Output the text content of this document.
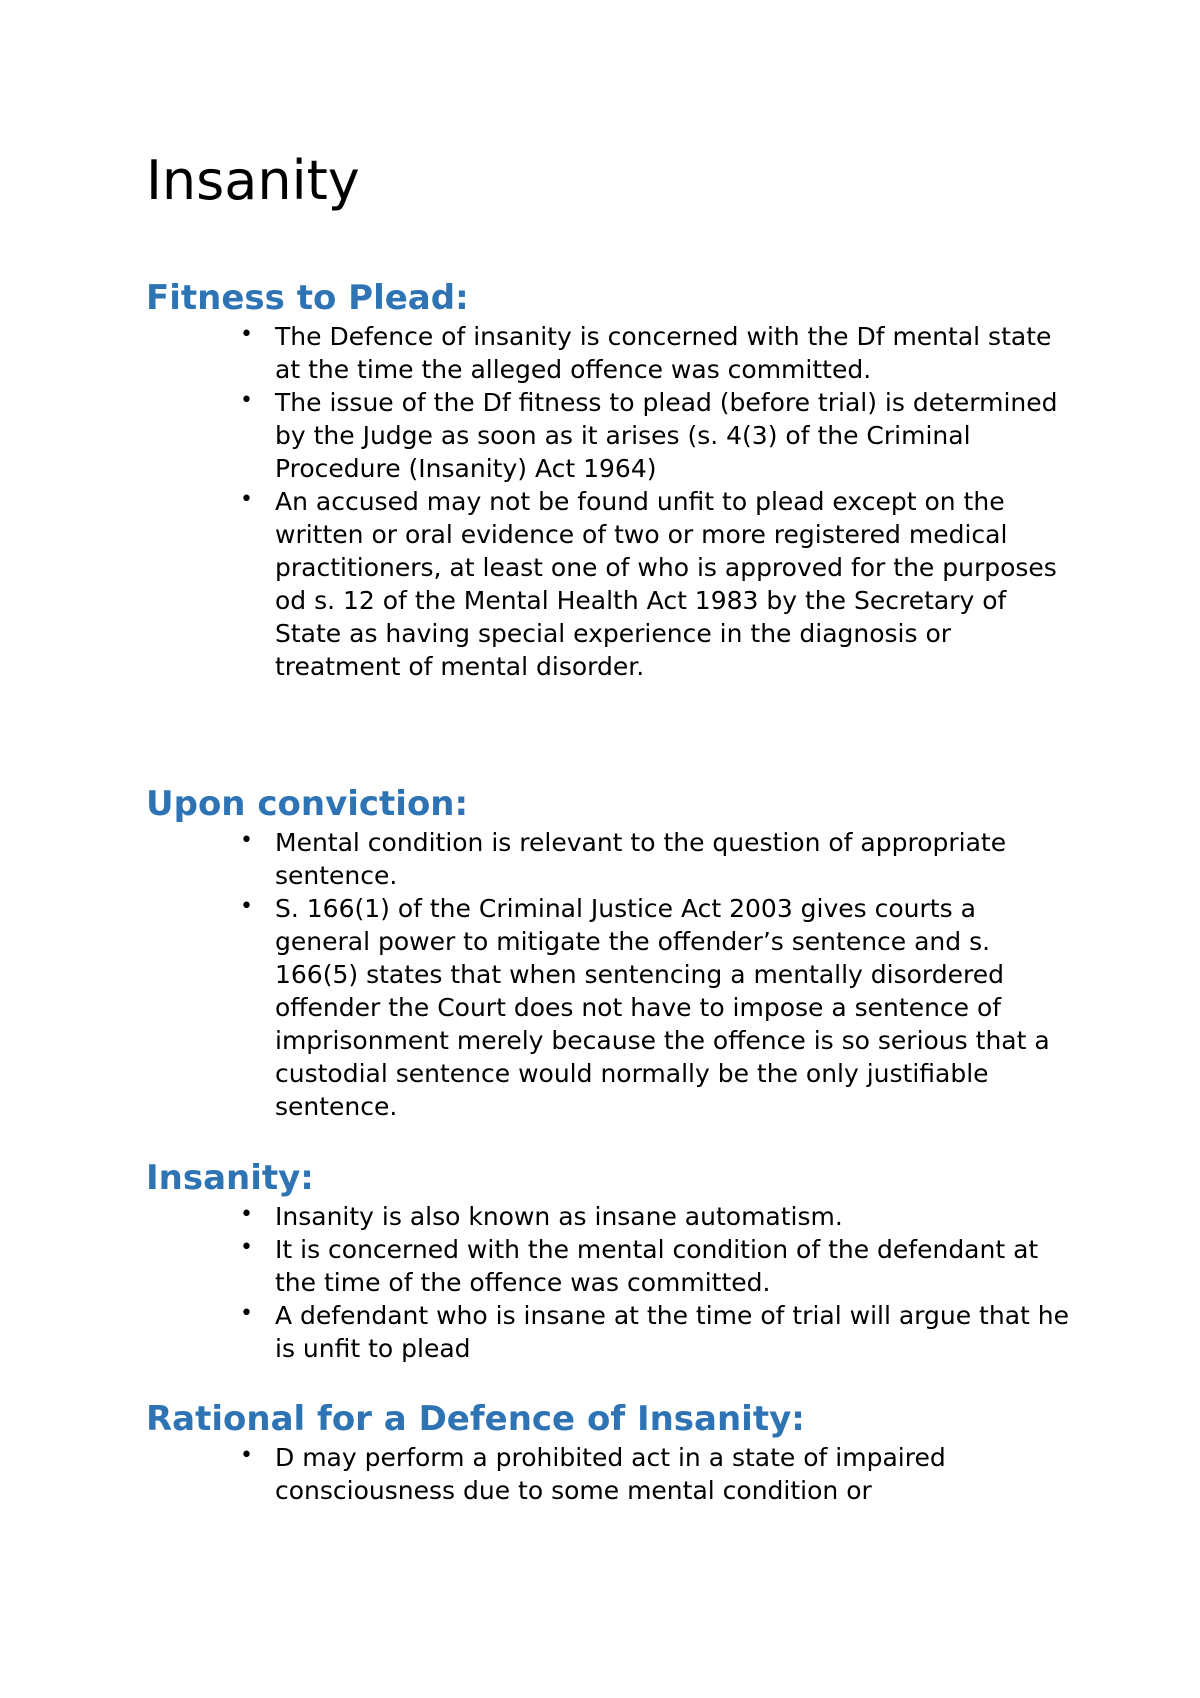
Insanity
Fitness to Plead:
• The Defence of insanity is concerned with the Df mental state at the time the alleged offence was committed.
• The issue of the Df fitness to plead (before trial) is determined by the Judge as soon as it arises (s. 4(3) of the Criminal Procedure (Insanity) Act 1964)
• An accused may not be found unfit to plead except on the written or oral evidence of two or more registered medical practitioners, at least one of who is approved for the purposes od s. 12 of the Mental Health Act 1983 by the Secretary of State as having special experience in the diagnosis or treatment of mental disorder.
Upon conviction:
• Mental condition is relevant to the question of appropriate sentence.
• S. 166(1) of the Criminal Justice Act 2003 gives courts a general power to mitigate the offender’s sentence and s. 166(5) states that when sentencing a mentally disordered offender the Court does not have to impose a sentence of imprisonment merely because the offence is so serious that a custodial sentence would normally be the only justifiable sentence.
Insanity:
• Insanity is also known as insane automatism.
• It is concerned with the mental condition of the defendant at the time of the offence was committed.
• A defendant who is insane at the time of trial will argue that he is unfit to plead
Rational for a Defence of Insanity:
• D may perform a prohibited act in a state of impaired consciousness due to some mental condition or
